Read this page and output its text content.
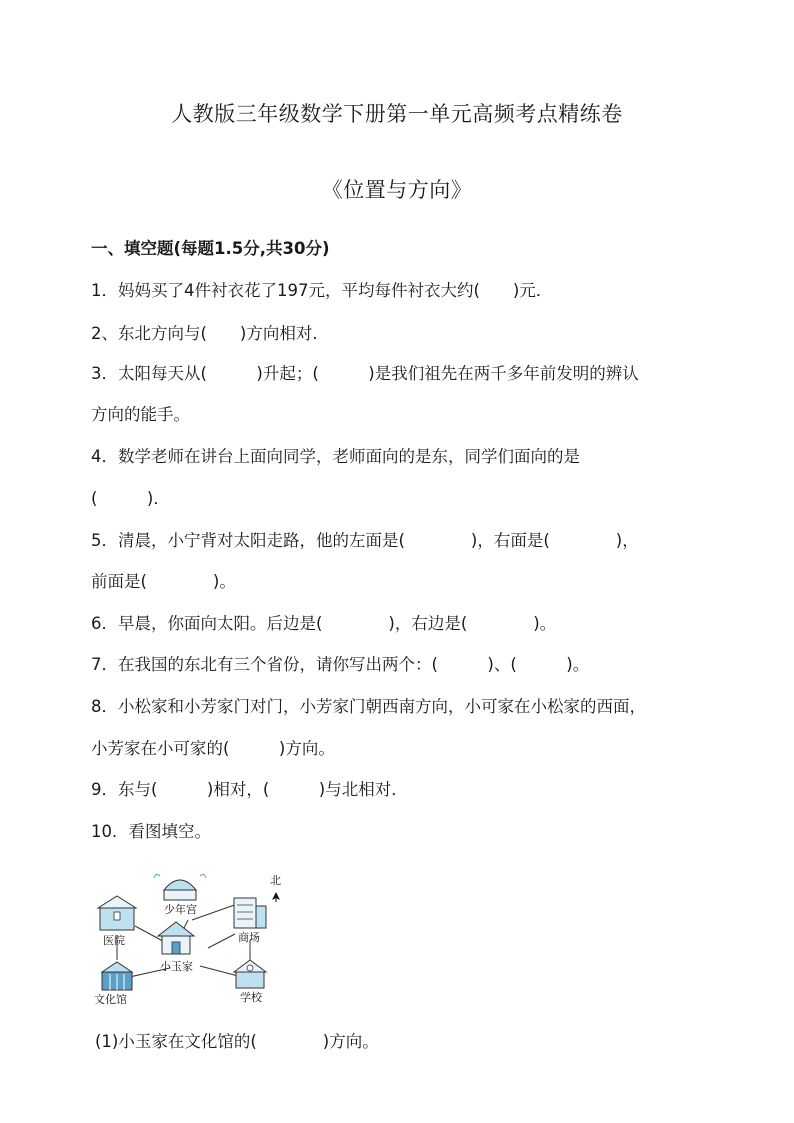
人教版三年级数学下册第一单元高频考点精练卷
《位置与方向》
一、填空题(每题1.5分,共30分)
1．妈妈买了4件衬衣花了197元，平均每件衬衣大约(　　)元．
2、东北方向与(　　)方向相对.
3．太阳每天从(　　　)升起；(　　　)是我们祖先在两千多年前发明的辨认
方向的能手。
4．数学老师在讲台上面向同学，老师面向的是东，同学们面向的是
(　　　)．
5．清晨，小宁背对太阳走路，他的左面是(　　　　)，右面是(　　　　)，
前面是(　　　　)。
6．早晨，你面向太阳。后边是(　　　　)，右边是(　　　　)。
7．在我国的东北有三个省份，请你写出两个：(　　　)、(　　　)。
8．小松家和小芳家门对门，小芳家门朝西南方向，小可家在小松家的西面，
小芳家在小可家的(　　　)方向。
9．东与(　　　)相对，(　　　)与北相对．
10．看图填空。
少年宫
医院	商场
北
小玉家
文化馆	学校
(1)小玉家在文化馆的(　　　　)方向。
